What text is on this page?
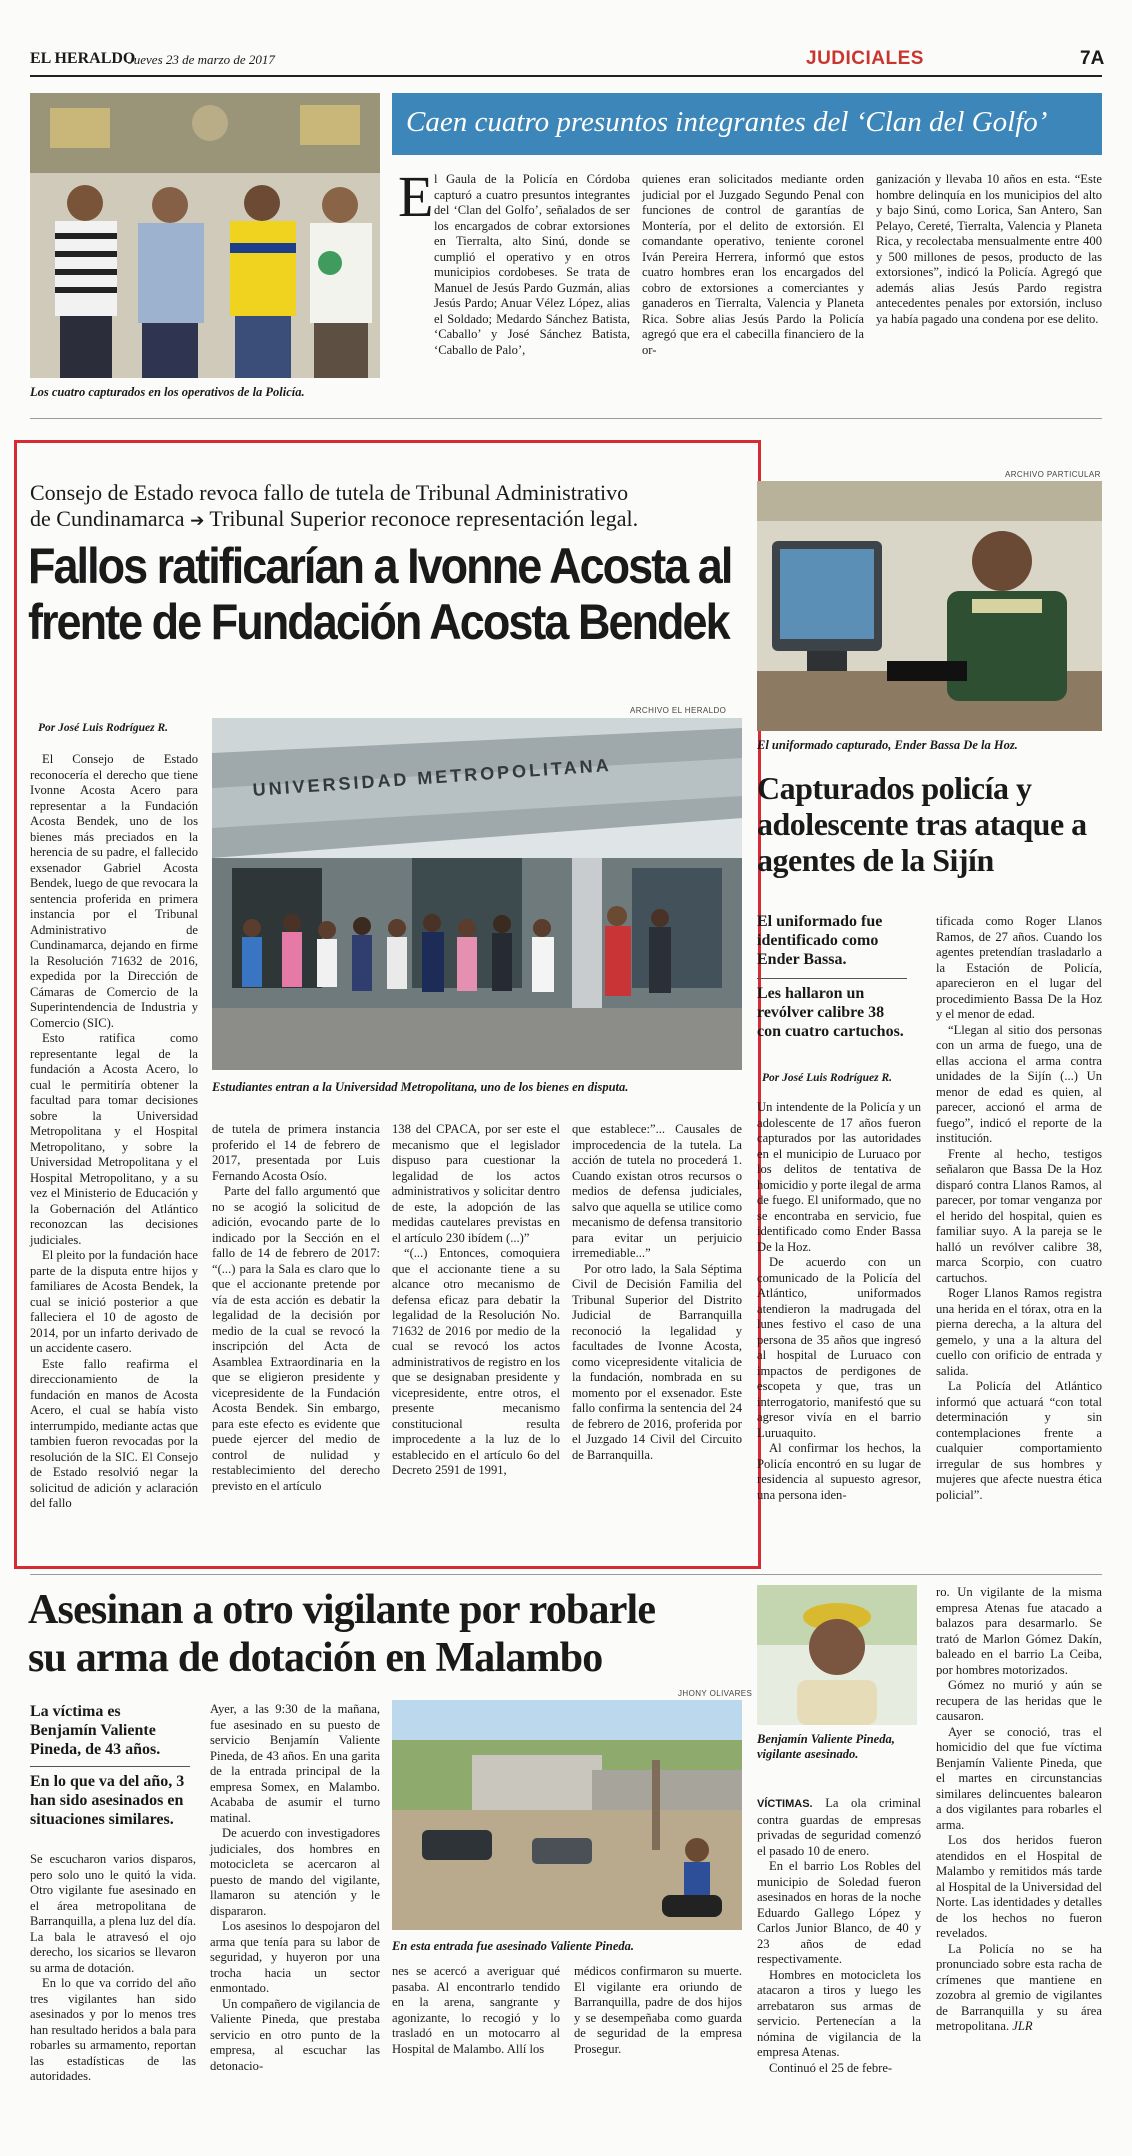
EL HERALDO
Jueves 23 de marzo de 2017	JUDICIALES	7A
Los cuatro capturados en los operativos de la Policía.
Caen cuatro presuntos integrantes del ‘Clan del Golfo’
E l Gaula de la Policía en Córdoba capturó a cuatro presuntos integrantes del ‘Clan del Golfo’, señalados de ser los encargados de cobrar extorsiones en Tierralta, alto Sinú, donde se cumplió el operativo y en otros municipios cordobeses. Se trata de Manuel de Jesús Pardo Guzmán, alias Jesús Pardo; Anuar Vélez López, alias el Soldado; Medardo Sánchez Batista, ‘Caballo’ y José Sánchez Batista, ‘Caballo de Palo’,

quienes eran solicitados mediante orden judicial por el Juzgado Segundo Penal con funciones de control de garantías de Montería, por el delito de extorsión. El comandante operativo, teniente coronel Iván Pereira Herrera, informó que estos cuatro hombres eran los encargados del cobro de extorsiones a comerciantes y ganaderos en Tierralta, Valencia y Planeta Rica. Sobre alias Jesús Pardo la Policía agregó que era el cabecilla financiero de la or-

ganización y llevaba 10 años en esta. “Este hombre delinquía en los municipios del alto y bajo Sinú, como Lorica, San Antero, San Pelayo, Cereté, Tierralta, Valencia y Planeta Rica, y recolectaba mensualmente entre 400 y 500 millones de pesos, producto de las extorsiones”, indicó la Policía. Agregó que además alias Jesús Pardo registra antecedentes penales por extorsión, incluso ya había pagado una condena por ese delito.

Consejo de Estado revoca fallo de tutela de Tribunal Administrativo
de Cundinamarca ➔ Tribunal Superior reconoce representación legal.
Fallos ratificarían a Ivonne Acosta al
frente de Fundación Acosta Bendek
ARCHIVO EL HERALDO
UNIVERSIDAD METROPOLITANA
Estudiantes entran a la Universidad Metropolitana, uno de los bienes en disputa.
Por José Luis Rodríguez R.

El Consejo de Estado reconocería el derecho que tiene Ivonne Acosta Acero para representar a la Fundación Acosta Bendek, uno de los bienes más preciados en la herencia de su padre, el fallecido exsenador Gabriel Acosta Bendek, luego de que revocara la sentencia proferida en primera instancia por el Tribunal Administrativo de Cundinamarca, dejando en firme la Resolución 71632 de 2016, expedida por la Dirección de Cámaras de Comercio de la Superintendencia de Industria y Comercio (SIC).

Esto ratifica como representante legal de la fundación a Acosta Acero, lo cual le permitiría obtener la facultad para tomar decisiones sobre la Universidad Metropolitana y el Hospital Metropolitano, y sobre la Universidad Metropolitana y el Hospital Metropolitano, y a su vez el Ministerio de Educación y la Gobernación del Atlántico reconozcan las decisiones judiciales.

El pleito por la fundación hace parte de la disputa entre hijos y familiares de Acosta Bendek, la cual se inició posterior a que falleciera el 10 de agosto de 2014, por un infarto derivado de un accidente casero.

Este fallo reafirma el direccionamiento de la fundación en manos de Acosta Acero, el cual se había visto interrumpido, mediante actas que tambien fueron revocadas por la resolución de la SIC. El Consejo de Estado resolvió negar la solicitud de adición y aclaración del fallo

de tutela de primera instancia proferido el 14 de febrero de 2017, presentada por Luis Fernando Acosta Osío.

Parte del fallo argumentó que no se acogió la solicitud de adición, evocando parte de lo indicado por la Sección en el fallo de 14 de febrero de 2017: “(...) para la Sala es claro que lo que el accionante pretende por vía de esta acción es debatir la legalidad de la decisión por medio de la cual se revocó la inscripción del Acta de Asamblea Extraordinaria en la que se eligieron presidente y vicepresidente de la Fundación Acosta Bendek. Sin embargo, para este efecto es evidente que puede ejercer del medio de control de nulidad y restablecimiento del derecho previsto en el artículo

138 del CPACA, por ser este el mecanismo que el legislador dispuso para cuestionar la legalidad de los actos administrativos y solicitar dentro de este, la adopción de las medidas cautelares previstas en el artículo 230 ibídem (...)”

“(...) Entonces, comoquiera que el accionante tiene a su alcance otro mecanismo de defensa eficaz para debatir la legalidad de la Resolución No. 71632 de 2016 por medio de la cual se revocó los actos administrativos de registro en los que se designaban presidente y vicepresidente, entre otros, el presente mecanismo constitucional resulta improcedente a la luz de lo establecido en el artículo 6o del Decreto 2591 de 1991,

que establece:”... Causales de improcedencia de la tutela. La acción de tutela no procederá 1. Cuando existan otros recursos o medios de defensa judiciales, salvo que aquella se utilice como mecanismo de defensa transitorio para evitar un perjuicio irremediable...”

Por otro lado, la Sala Séptima Civil de Decisión Familia del Tribunal Superior del Distrito Judicial de Barranquilla reconoció la legalidad y facultades de Ivonne Acosta, como vicepresidente vitalicia de la fundación, nombrada en su momento por el exsenador. Este fallo confirma la sentencia del 24 de febrero de 2016, proferida por el Juzgado 14 Civil del Circuito de Barranquilla.

ARCHIVO PARTICULAR
El uniformado capturado, Ender Bassa De la Hoz.
Capturados policía y adolescente tras ataque a agentes de la Sijín
El uniformado fue identificado como Ender Bassa.
Les hallaron un revólver calibre 38 con cuatro cartuchos.
Por José Luis Rodríguez R.

Un intendente de la Policía y un adolescente de 17 años fueron capturados por las autoridades en el municipio de Luruaco por los delitos de tentativa de homicidio y porte ilegal de arma de fuego. El uniformado, que no se encontraba en servicio, fue identificado como Ender Bassa De la Hoz.

De acuerdo con un comunicado de la Policía del Atlántico, uniformados atendieron la madrugada del lunes festivo el caso de una persona de 35 años que ingresó al hospital de Luruaco con impactos de perdigones de escopeta y que, tras un interrogatorio, manifestó que su agresor vivía en el barrio Luruaquito.

Al confirmar los hechos, la Policía encontró en su lugar de residencia al supuesto agresor, una persona iden-

tificada como Roger Llanos Ramos, de 27 años. Cuando los agentes pretendían trasladarlo a la Estación de Policía, aparecieron en el lugar del procedimiento Bassa De la Hoz y el menor de edad.

“Llegan al sitio dos personas con un arma de fuego, una de ellas acciona el arma contra unidades de la Sijín (...) Un menor de edad es quien, al parecer, accionó el arma de fuego”, indicó el reporte de la institución.

Frente al hecho, testigos señalaron que Bassa De la Hoz disparó contra Llanos Ramos, al parecer, por tomar venganza por el herido del hospital, quien es familiar suyo. A la pareja se le halló un revólver calibre 38, marca Scorpio, con cuatro cartuchos.

Roger Llanos Ramos registra una herida en el tórax, otra en la pierna derecha, a la altura del gemelo, y una a la altura del cuello con orificio de entrada y salida.

La Policía del Atlántico informó que actuará “con total determinación y sin contemplaciones frente a cualquier comportamiento irregular de sus hombres y mujeres que afecte nuestra ética policial”.

Asesinan a otro vigilante por robarle
su arma de dotación en Malambo
La víctima es Benjamín Valiente Pineda, de 43 años.
En lo que va del año, 3 han sido asesinados en situaciones similares.

Se escucharon varios disparos, pero solo uno le quitó la vida. Otro vigilante fue asesinado en el área metropolitana de Barranquilla, a plena luz del día. La bala le atravesó el ojo derecho, los sicarios se llevaron su arma de dotación.

En lo que va corrido del año tres vigilantes han sido asesinados y por lo menos tres han resultado heridos a bala para robarles su armamento, reportan las estadísticas de las autoridades.

Ayer, a las 9:30 de la mañana, fue asesinado en su puesto de servicio Benjamín Valiente Pineda, de 43 años. En una garita de la entrada principal de la empresa Somex, en Malambo. Acababa de asumir el turno matinal.

De acuerdo con investigadores judiciales, dos hombres en motocicleta se acercaron al puesto de mando del vigilante, llamaron su atención y le dispararon.

Los asesinos lo despojaron del arma que tenía para su labor de seguridad, y huyeron por una trocha hacia un sector enmontado.

Un compañero de vigilancia de Valiente Pineda, que prestaba servicio en otro punto de la empresa, al escuchar las detonacio-

JHONY OLIVARES
En esta entrada fue asesinado Valiente Pineda.

nes se acercó a averiguar qué pasaba. Al encontrarlo tendido en la arena, sangrante y agonizante, lo recogió y lo trasladó en un motocarro al Hospital de Malambo. Allí los

médicos confirmaron su muerte. El vigilante era oriundo de Barranquilla, padre de dos hijos y se desempeñaba como guarda de seguridad de la empresa Prosegur.

Benjamín Valiente Pineda, vigilante asesinado.

VÍCTIMAS. La ola criminal contra guardas de empresas privadas de seguridad comenzó el pasado 10 de enero.

En el barrio Los Robles del municipio de Soledad fueron asesinados en horas de la noche Eduardo Gallego López y Carlos Junior Blanco, de 40 y 23 años de edad respectivamente.

Hombres en motocicleta los atacaron a tiros y luego les arrebataron sus armas de servicio. Pertenecían a la nómina de vigilancia de la empresa Atenas.

Continuó el 25 de febre-

ro. Un vigilante de la misma empresa Atenas fue atacado a balazos para desarmarlo. Se trató de Marlon Gómez Dakín, baleado en el barrio La Ceiba, por hombres motorizados.

Gómez no murió y aún se recupera de las heridas que le causaron.

Ayer se conoció, tras el homicidio del que fue víctima Benjamín Valiente Pineda, que el martes en circunstancias similares delincuentes balearon a dos vigilantes para robarles el arma.

Los dos heridos fueron atendidos en el Hospital de Malambo y remitidos más tarde al Hospital de la Universidad del Norte. Las identidades y detalles de los hechos no fueron revelados.

La Policía no se ha pronunciado sobre esta racha de crímenes que mantiene en zozobra al gremio de vigilantes de Barranquilla y su área metropolitana. JLR
